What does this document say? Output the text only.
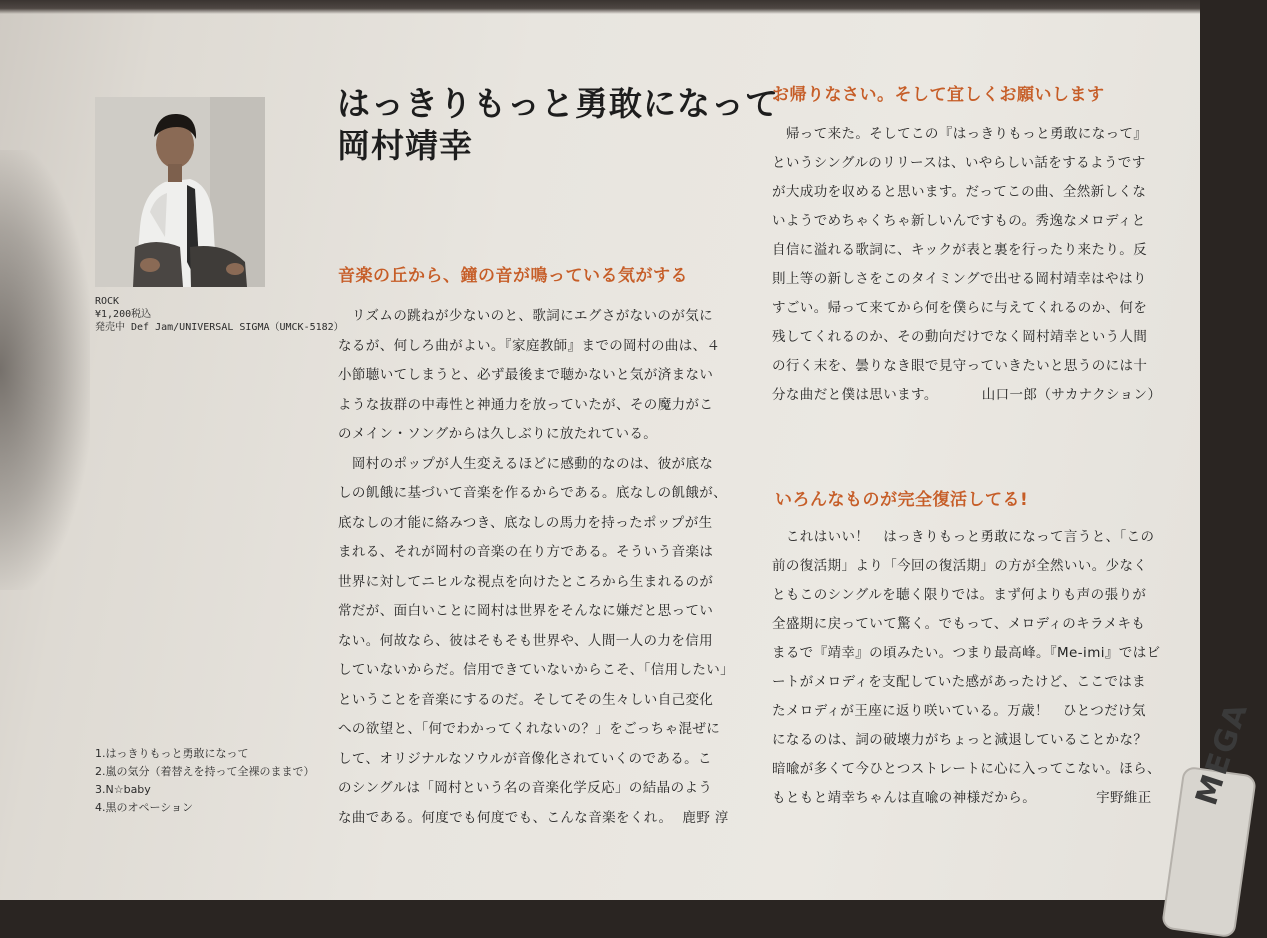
ROCK
¥1,200税込
発売中 Def Jam/UNIVERSAL SIGMA（UMCK-5182）
1.はっきりもっと勇敢になって
2.嵐の気分（着替えを持って全裸のままで）
3.N☆baby
4.黒のオペーション
はっきりもっと勇敢になって
岡村靖幸
音楽の丘から、鐘の音が鳴っている気がする
　リズムの跳ねが少ないのと、歌詞にエグさがないのが気に
なるが、何しろ曲がよい。『家庭教師』までの岡村の曲は、４
小節聴いてしまうと、必ず最後まで聴かないと気が済まない
ような抜群の中毒性と神通力を放っていたが、その魔力がこ
のメイン・ソングからは久しぶりに放たれている。
　岡村のポップが人生変えるほどに感動的なのは、彼が底な
しの飢餓に基づいて音楽を作るからである。底なしの飢餓が、
底なしの才能に絡みつき、底なしの馬力を持ったポップが生
まれる、それが岡村の音楽の在り方である。そういう音楽は
世界に対してニヒルな視点を向けたところから生まれるのが
常だが、面白いことに岡村は世界をそんなに嫌だと思ってい
ない。何故なら、彼はそもそも世界や、人間一人の力を信用
していないからだ。信用できていないからこそ、「信用したい」
ということを音楽にするのだ。そしてその生々しい自己変化
への欲望と、「何でわかってくれないの？」をごっちゃ混ぜに
して、オリジナルなソウルが音像化されていくのである。こ
のシングルは「岡村という名の音楽化学反応」の結晶のよう
な曲である。何度でも何度でも、こんな音楽をくれ。 鹿野 淳
お帰りなさい。そして宜しくお願いします
　帰って来た。そしてこの『はっきりもっと勇敢になって』
というシングルのリリースは、いやらしい話をするようです
が大成功を収めると思います。だってこの曲、全然新しくな
いようでめちゃくちゃ新しいんですもの。秀逸なメロディと
自信に溢れる歌詞に、キックが表と裏を行ったり来たり。反
則上等の新しさをこのタイミングで出せる岡村靖幸はやはり
すごい。帰って来てから何を僕らに与えてくれるのか、何を
残してくれるのか、その動向だけでなく岡村靖幸という人間
の行く末を、曇りなき眼で見守っていきたいと思うのには十
分な曲だと僕は思います。	山口一郎（サカナクション）
いろんなものが完全復活してる!
　これはいい！　はっきりもっと勇敢になって言うと、「この
前の復活期」より「今回の復活期」の方が全然いい。少なく
ともこのシングルを聴く限りでは。まず何よりも声の張りが
全盛期に戻っていて驚く。でもって、メロディのキラメキも
まるで『靖幸』の頃みたい。つまり最高峰。『Me-imi』ではビ
ートがメロディを支配していた感があったけど、ここではま
たメロディが王座に返り咲いている。万歳！　ひとつだけ気
になるのは、詞の破壊力がちょっと減退していることかな？
暗喩が多くて今ひとつストレートに心に入ってこない。ほら、
もともと靖幸ちゃんは直喩の神様だから。	宇野維正	MEGA
